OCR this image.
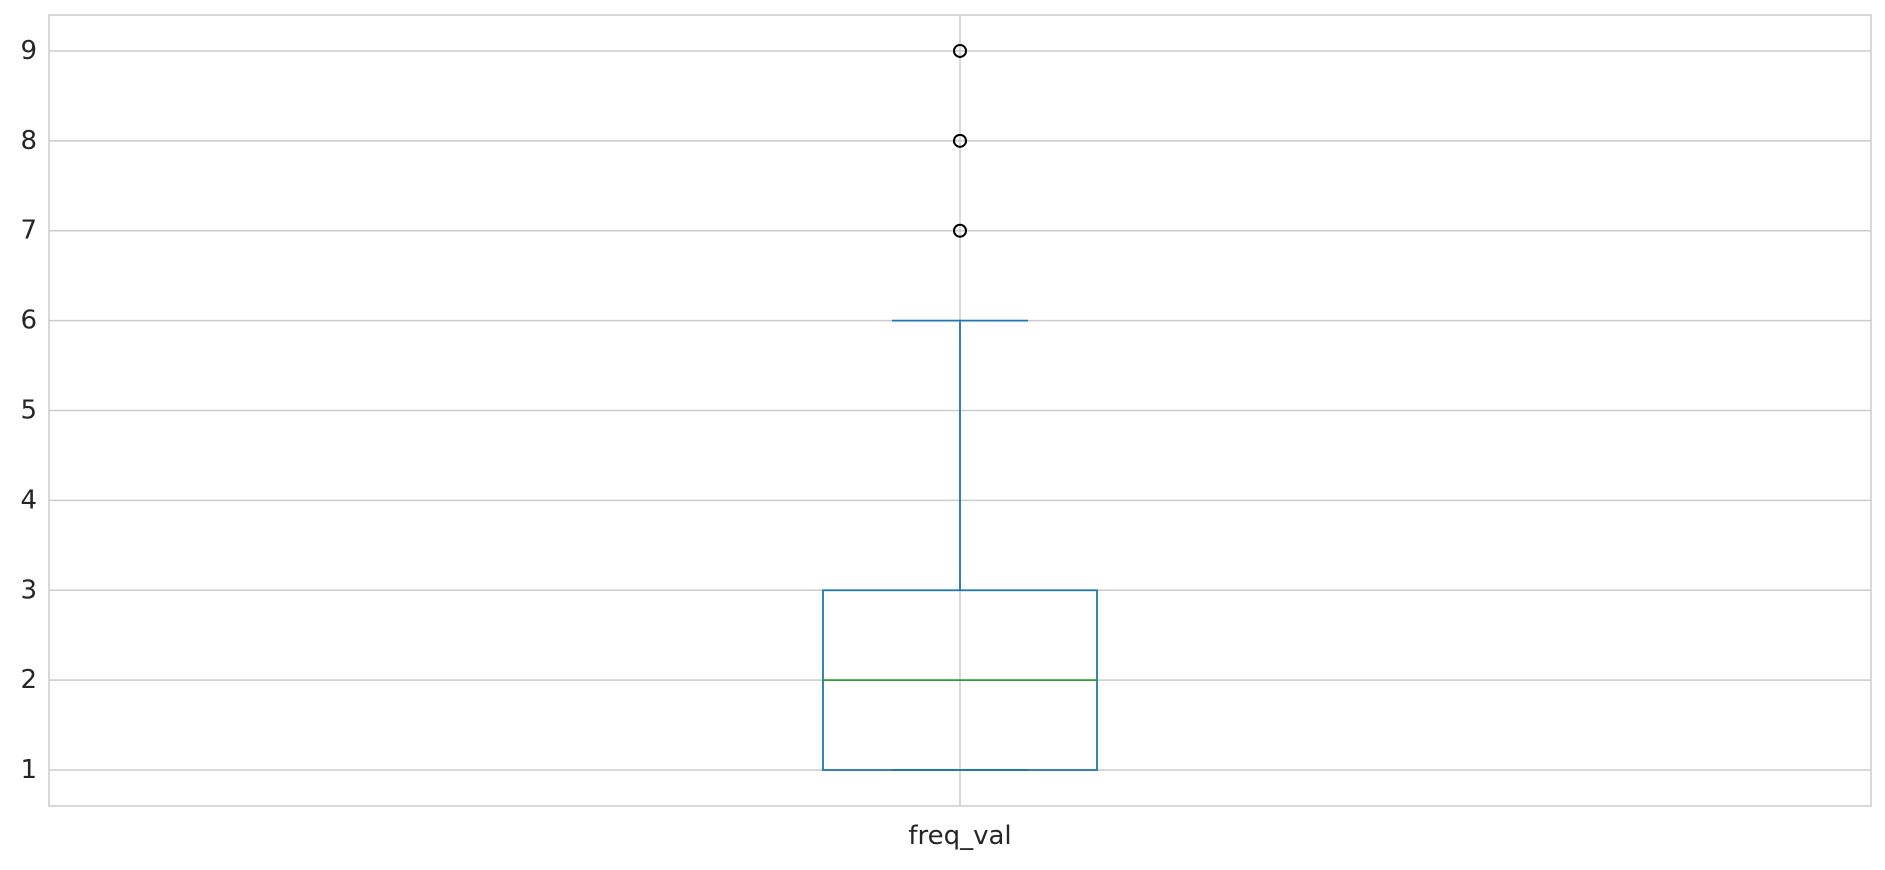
1
2
3
4
5
6
7
8
9
freq_val
